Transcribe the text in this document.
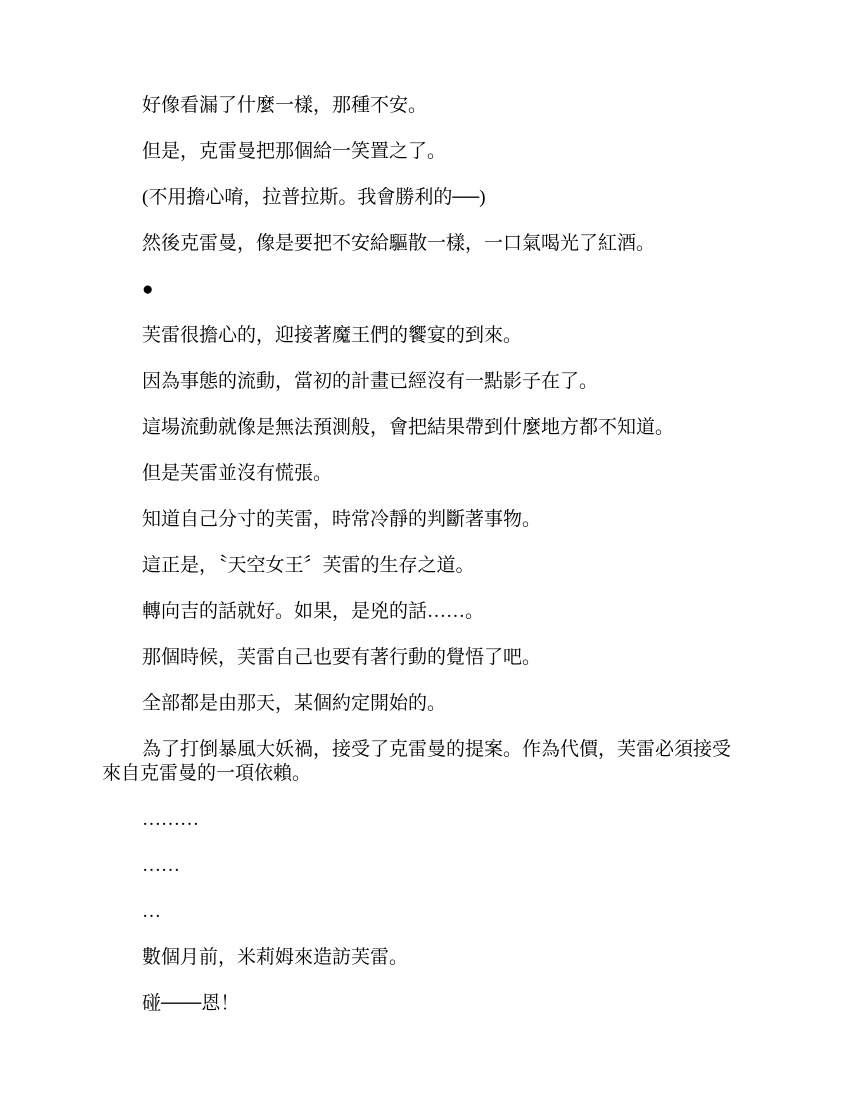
好像看漏了什麼一樣，那種不安。

但是，克雷曼把那個給一笑置之了。

(不用擔心唷，拉普拉斯。我會勝利的──)

然後克雷曼，像是要把不安給驅散一樣，一口氣喝光了紅酒。

●

芙雷很擔心的，迎接著魔王們的饗宴的到來。

因為事態的流動，當初的計畫已經沒有一點影子在了。

這場流動就像是無法預測般，會把結果帶到什麼地方都不知道。

但是芙雷並沒有慌張。

知道自己分寸的芙雷，時常冷靜的判斷著事物。

這正是，〝天空女王〞芙雷的生存之道。

轉向吉的話就好。如果，是兇的話……。

那個時候，芙雷自己也要有著行動的覺悟了吧。

全部都是由那天，某個約定開始的。

為了打倒暴風大妖禍，接受了克雷曼的提案。作為代價，芙雷必須接受來自克雷曼的一項依賴。

………

……

…

數個月前，米莉姆來造訪芙雷。

碰───恩！
